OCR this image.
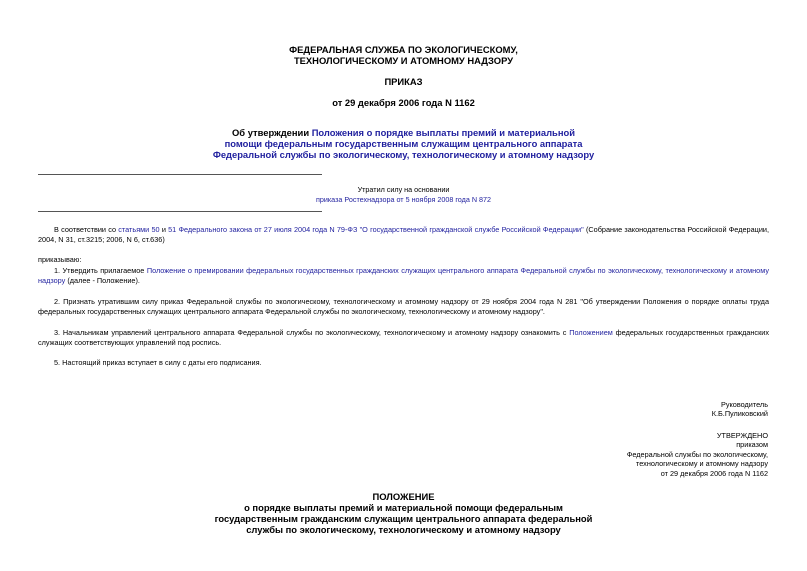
ФЕДЕРАЛЬНАЯ СЛУЖБА ПО ЭКОЛОГИЧЕСКОМУ,
ТЕХНОЛОГИЧЕСКОМУ И АТОМНОМУ НАДЗОРУ
ПРИКАЗ
от 29 декабря 2006 года N 1162
Об утверждении Положения о порядке выплаты премий и материальной
помощи федеральным государственным служащим центрального аппарата
Федеральной службы по экологическому, технологическому и атомному надзору
Утратил силу на основании
приказа Ростехнадзора от 5 ноября 2008 года N 872
В соответствии со статьями 50 и 51 Федерального закона от 27 июля 2004 года N 79-ФЗ "О государственной гражданской службе Российской Федерации" (Собрание законодательства Российской Федерации, 2004, N 31, ст.3215; 2006, N 6, ст.636)
приказываю:
1. Утвердить прилагаемое Положение о премировании федеральных государственных гражданских служащих центрального аппарата Федеральной службы по экологическому, технологическому и атомному надзору (далее - Положение).
2. Признать утратившим силу приказ Федеральной службы по экологическому, технологическому и атомному надзору от 29 ноября 2004 года N 281 "Об утверждении Положения о порядке оплаты труда федеральных государственных служащих центрального аппарата Федеральной службы по экологическому, технологическому и атомному надзору".
3. Начальникам управлений центрального аппарата Федеральной службы по экологическому, технологическому и атомному надзору ознакомить с Положением федеральных государственных гражданских служащих соответствующих управлений под роспись.
5. Настоящий приказ вступает в силу с даты его подписания.
Руководитель
К.Б.Пуликовский
УТВЕРЖДЕНО
приказом
Федеральной службы по экологическому,
технологическому и атомному надзору
от 29 декабря 2006 года N 1162
ПОЛОЖЕНИЕ
о порядке выплаты премий и материальной помощи федеральным
государственным гражданским служащим центрального аппарата федеральной
службы по экологическому, технологическому и атомному надзору
